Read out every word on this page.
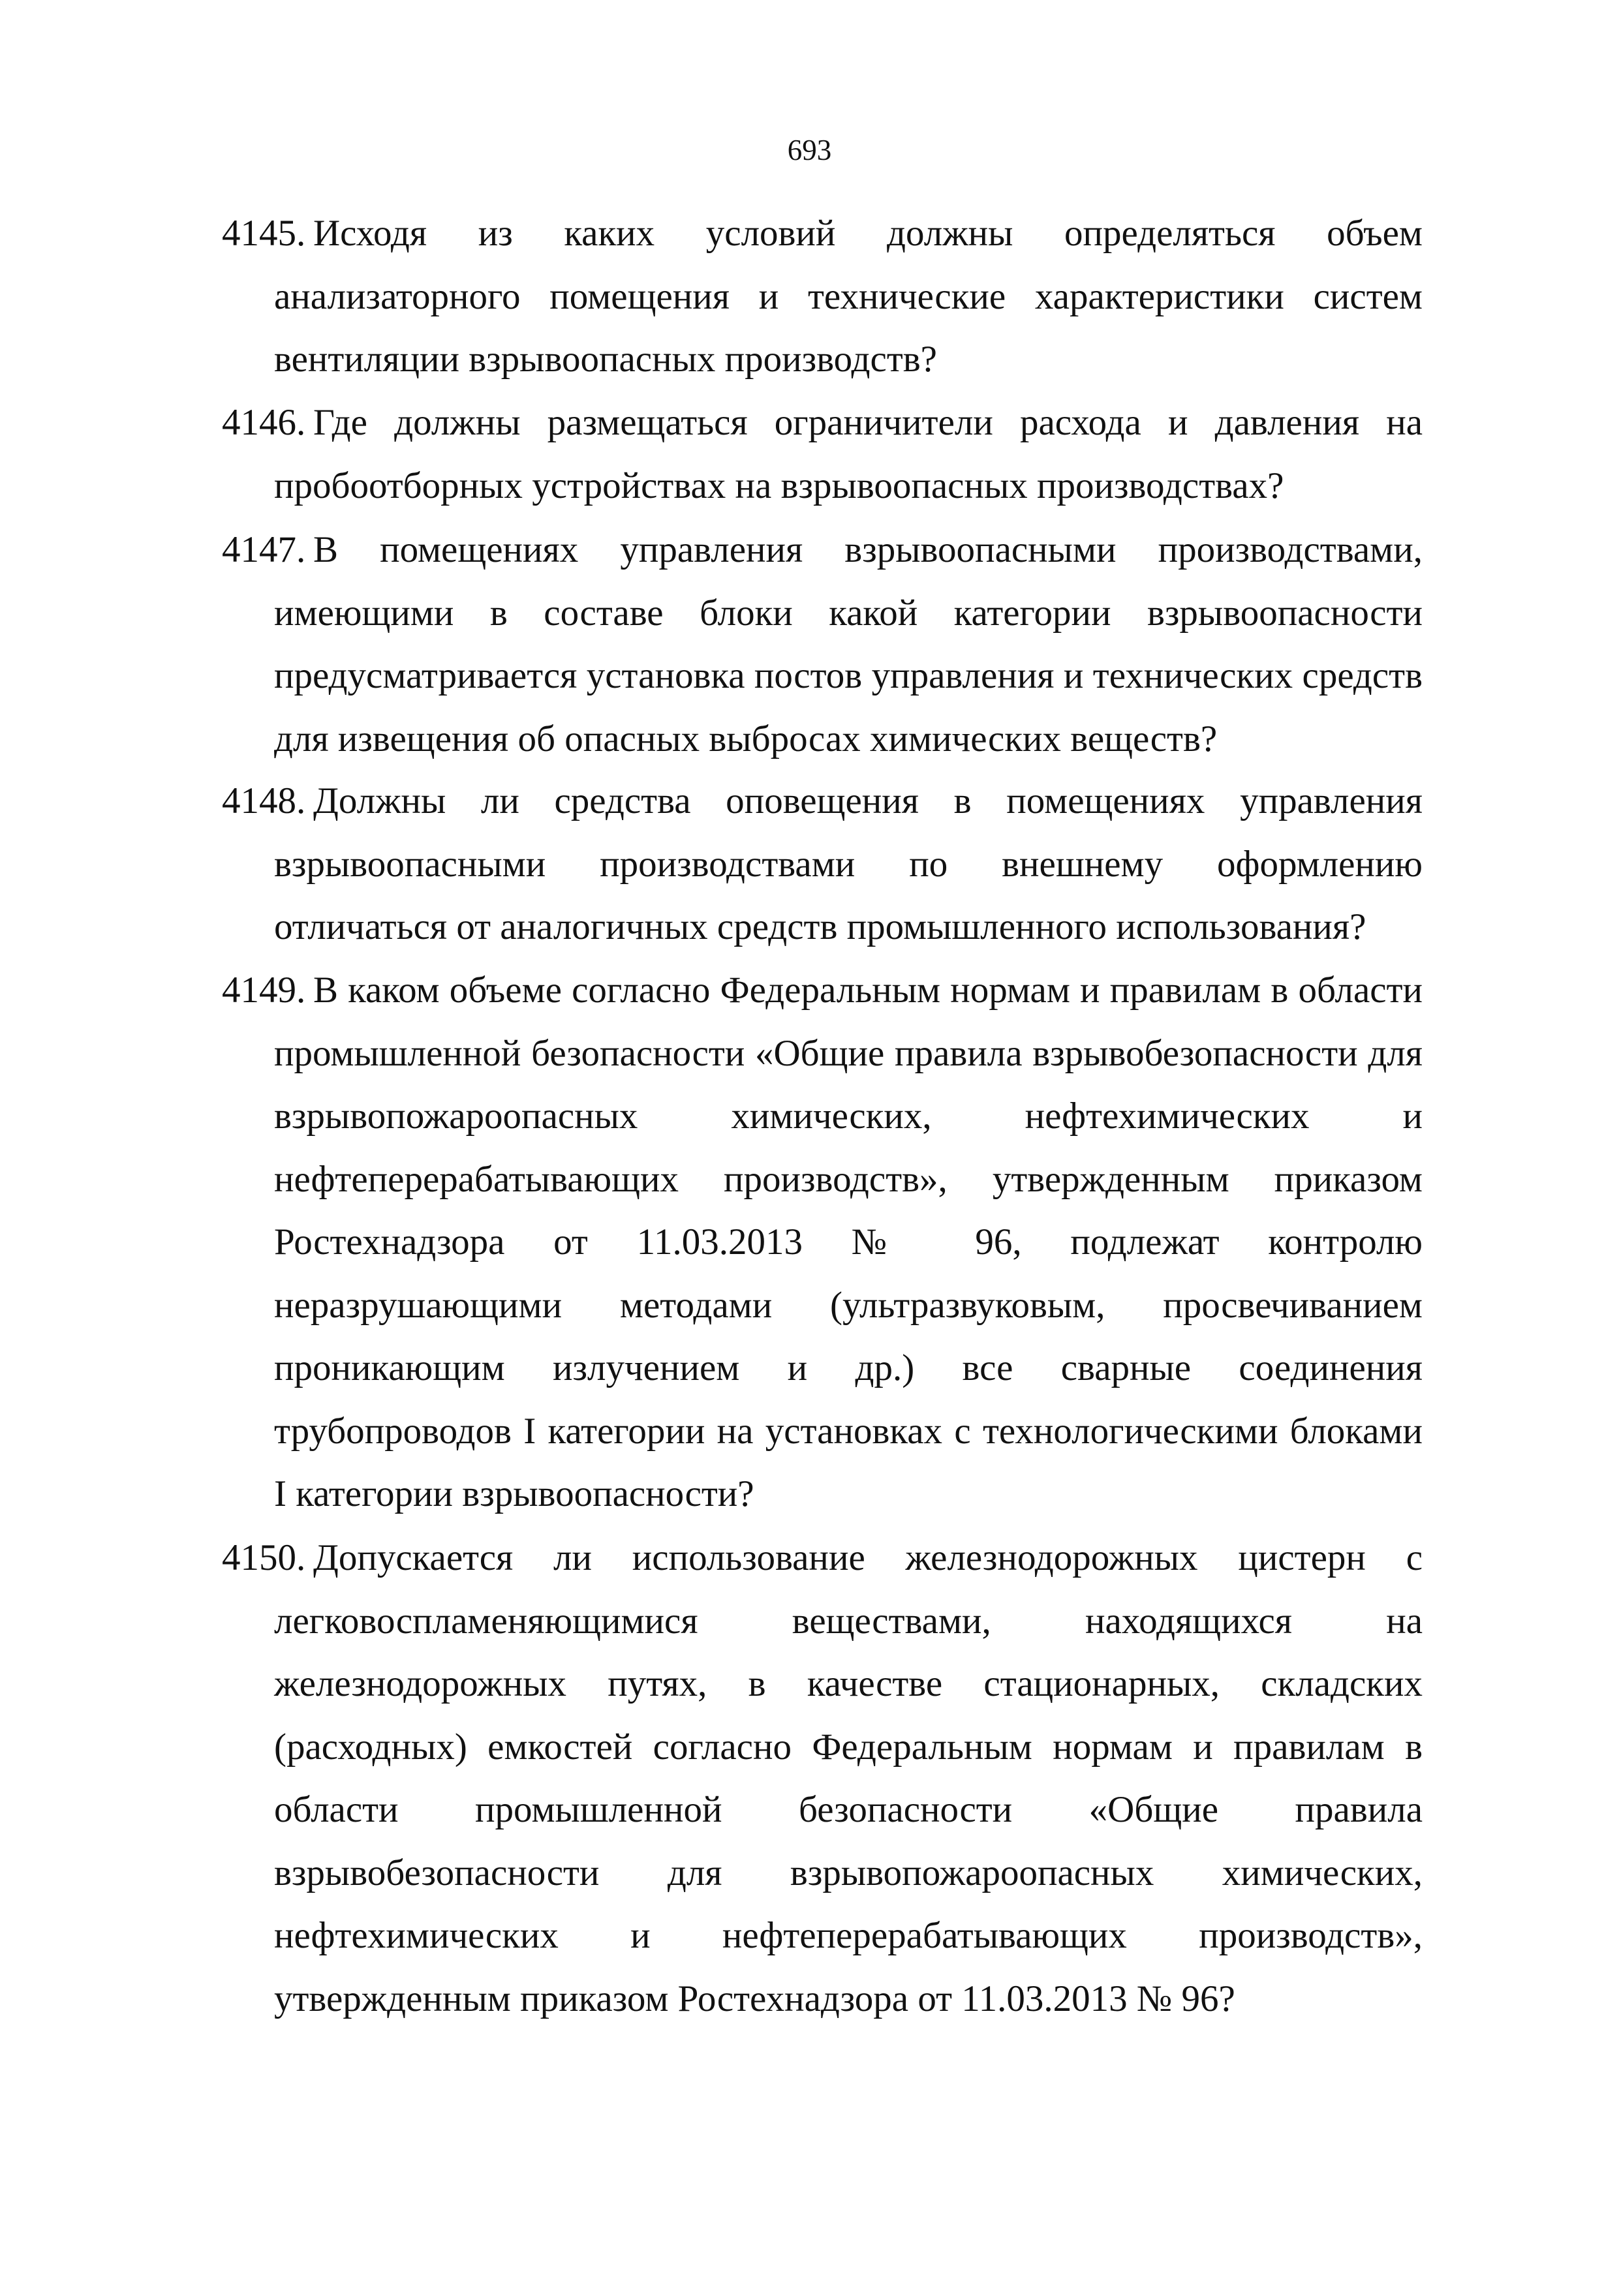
693
4145. Исходя из каких условий должны определяться объем анализаторного помещения и технические характеристики систем вентиляции взрывоопасных производств?
4146. Где должны размещаться ограничители расхода и давления на пробоотборных устройствах на взрывоопасных производствах?
4147. В помещениях управления взрывоопасными производствами, имеющими в составе блоки какой категории взрывоопасности предусматривается установка постов управления и технических средств для извещения об опасных выбросах химических веществ?
4148. Должны ли средства оповещения в помещениях управления взрывоопасными производствами по внешнему оформлению отличаться от аналогичных средств промышленного использования?
4149. В каком объеме согласно Федеральным нормам и правилам в области промышленной безопасности «Общие правила взрывобезопасности для взрывопожароопасных химических, нефтехимических и нефтеперерабатывающих производств», утвержденным приказом Ростехнадзора от 11.03.2013 № 96, подлежат контролю неразрушающими методами (ультразвуковым, просвечиванием проникающим излучением и др.) все сварные соединения трубопроводов I категории на установках с технологическими блоками I категории взрывоопасности?
4150. Допускается ли использование железнодорожных цистерн с легковоспламеняющимися веществами, находящихся на железнодорожных путях, в качестве стационарных, складских (расходных) емкостей согласно Федеральным нормам и правилам в области промышленной безопасности «Общие правила взрывобезопасности для взрывопожароопасных химических, нефтехимических и нефтеперерабатывающих производств», утвержденным приказом Ростехнадзора от 11.03.2013 № 96?
